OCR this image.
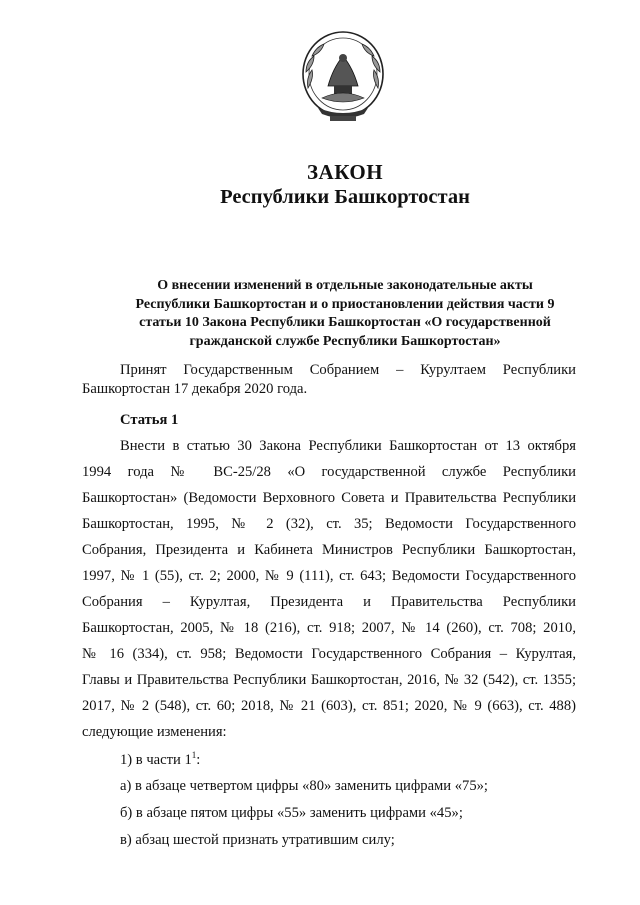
ЗАКОН
Республики Башкортостан
О внесении изменений в отдельные законодательные акты
Республики Башкортостан и о приостановлении действия части 9
статьи 10 Закона Республики Башкортостан «О государственной
гражданской службе Республики Башкортостан»
Принят Государственным Собранием – Курултаем Республики
Башкортостан 17 декабря 2020 года.
Статья 1
Внести в статью 30 Закона Республики Башкортостан от 13 октября
1994 года № ВС-25/28 «О государственной службе Республики
Башкортостан» (Ведомости Верховного Совета и Правительства Республики
Башкортостан, 1995, № 2 (32), ст. 35; Ведомости Государственного
Собрания, Президента и Кабинета Министров Республики Башкортостан,
1997, № 1 (55), ст. 2; 2000, № 9 (111), ст. 643; Ведомости Государственного
Собрания – Курултая, Президента и Правительства Республики
Башкортостан, 2005, № 18 (216), ст. 918; 2007, № 14 (260), ст. 708; 2010,
№ 16 (334), ст. 958; Ведомости Государственного Собрания – Курултая,
Главы и Правительства Республики Башкортостан, 2016, № 32 (542), ст. 1355;
2017, № 2 (548), ст. 60; 2018, № 21 (603), ст. 851; 2020, № 9 (663), ст. 488)
следующие изменения:
1) в части $1^1$:
а) в абзаце четвертом цифры «80» заменить цифрами «75»;
б) в абзаце пятом цифры «55» заменить цифрами «45»;
в) абзац шестой признать утратившим силу;
